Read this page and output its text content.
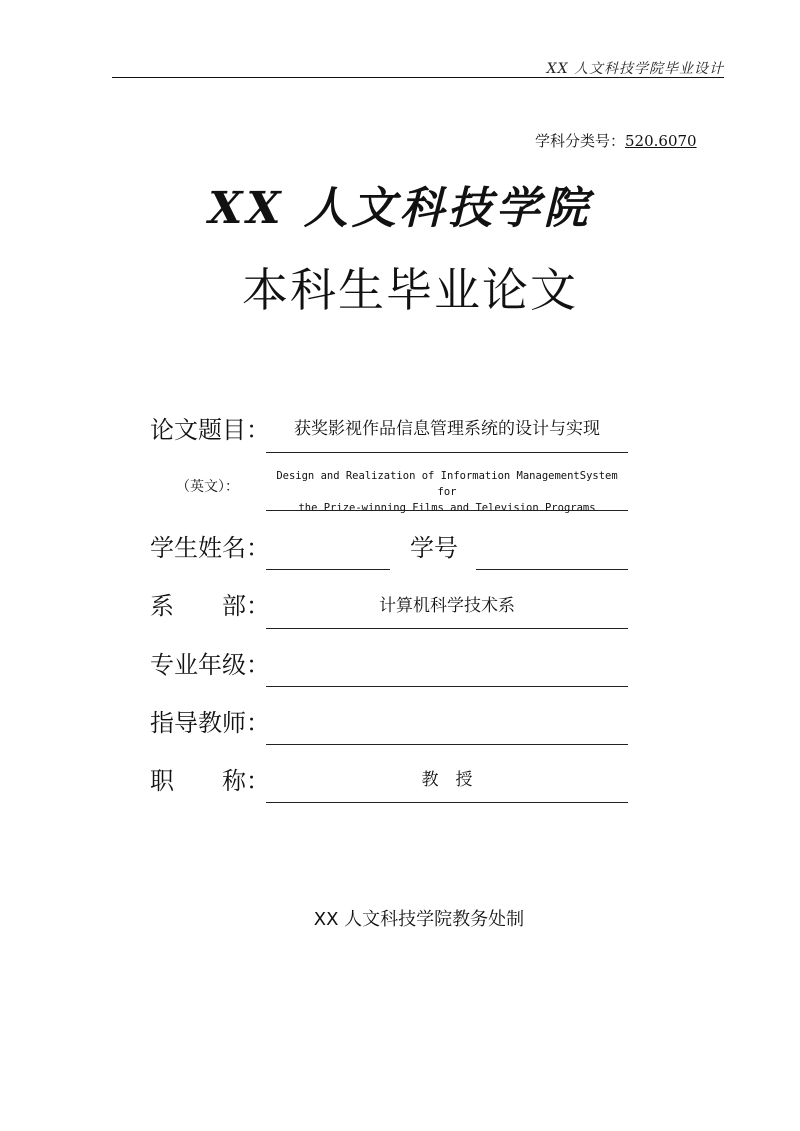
XX 人文科技学院毕业设计
学科分类号：520.6070
XX 人文科技学院
本科生毕业论文
论文题目：	获奖影视作品信息管理系统的设计与实现
（英文）：
Design and Realization of Information ManagementSystem for
the Prize-winning Films and Television Programs
学生姓名：	学号
系　　部：	计算机科学技术系
专业年级：
指导教师：
职　　称：	教　授
XX 人文科技学院教务处制
